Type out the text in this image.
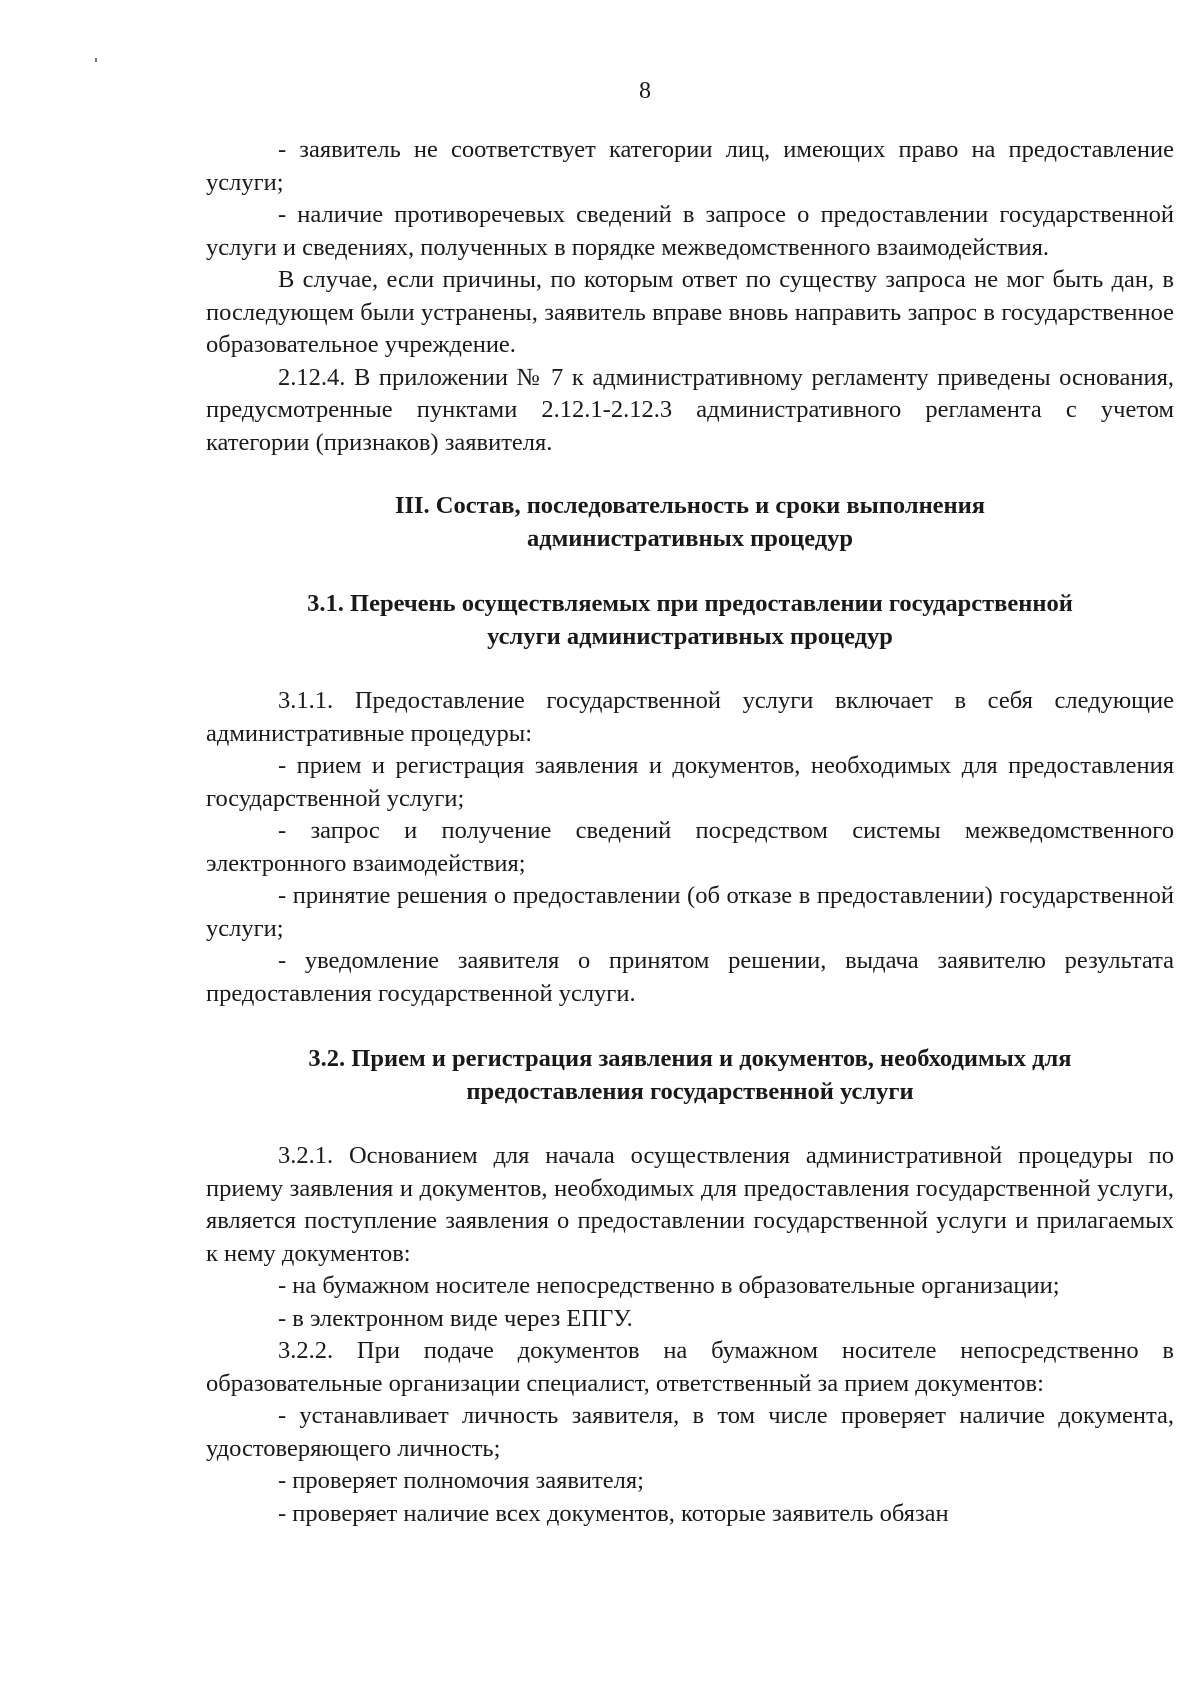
8

- заявитель не соответствует категории лиц, имеющих право на предоставление услуги;

- наличие противоречевых сведений в запросе о предоставлении государственной услуги и сведениях, полученных в порядке межведомственного взаимодействия.

В случае, если причины, по которым ответ по существу запроса не мог быть дан, в последующем были устранены, заявитель вправе вновь направить запрос в государственное образовательное учреждение.

2.12.4. В приложении № 7 к административному регламенту приведены основания, предусмотренные пунктами 2.12.1-2.12.3 административного регламента с учетом категории (признаков) заявителя.

III. Состав, последовательность и сроки выполнения

административных процедур

3.1. Перечень осуществляемых при предоставлении государственной

услуги административных процедур

3.1.1. Предоставление государственной услуги включает в себя следующие административные процедуры:

- прием и регистрация заявления и документов, необходимых для предоставления государственной услуги;

- запрос и получение сведений посредством системы межведомственного электронного взаимодействия;

- принятие решения о предоставлении (об отказе в предоставлении) государственной услуги;

- уведомление заявителя о принятом решении, выдача заявителю результата предоставления государственной услуги.

3.2. Прием и регистрация заявления и документов, необходимых для

предоставления государственной услуги

3.2.1. Основанием для начала осуществления административной процедуры по приему заявления и документов, необходимых для предоставления государственной услуги, является поступление заявления о предоставлении государственной услуги и прилагаемых к нему документов:

- на бумажном носителе непосредственно в образовательные организации;

- в электронном виде через ЕПГУ.

3.2.2. При подаче документов на бумажном носителе непосредственно в образовательные организации специалист, ответственный за прием документов:

- устанавливает личность заявителя, в том числе проверяет наличие документа, удостоверяющего личность;

- проверяет полномочия заявителя;

- проверяет наличие всех документов, которые заявитель обязан
